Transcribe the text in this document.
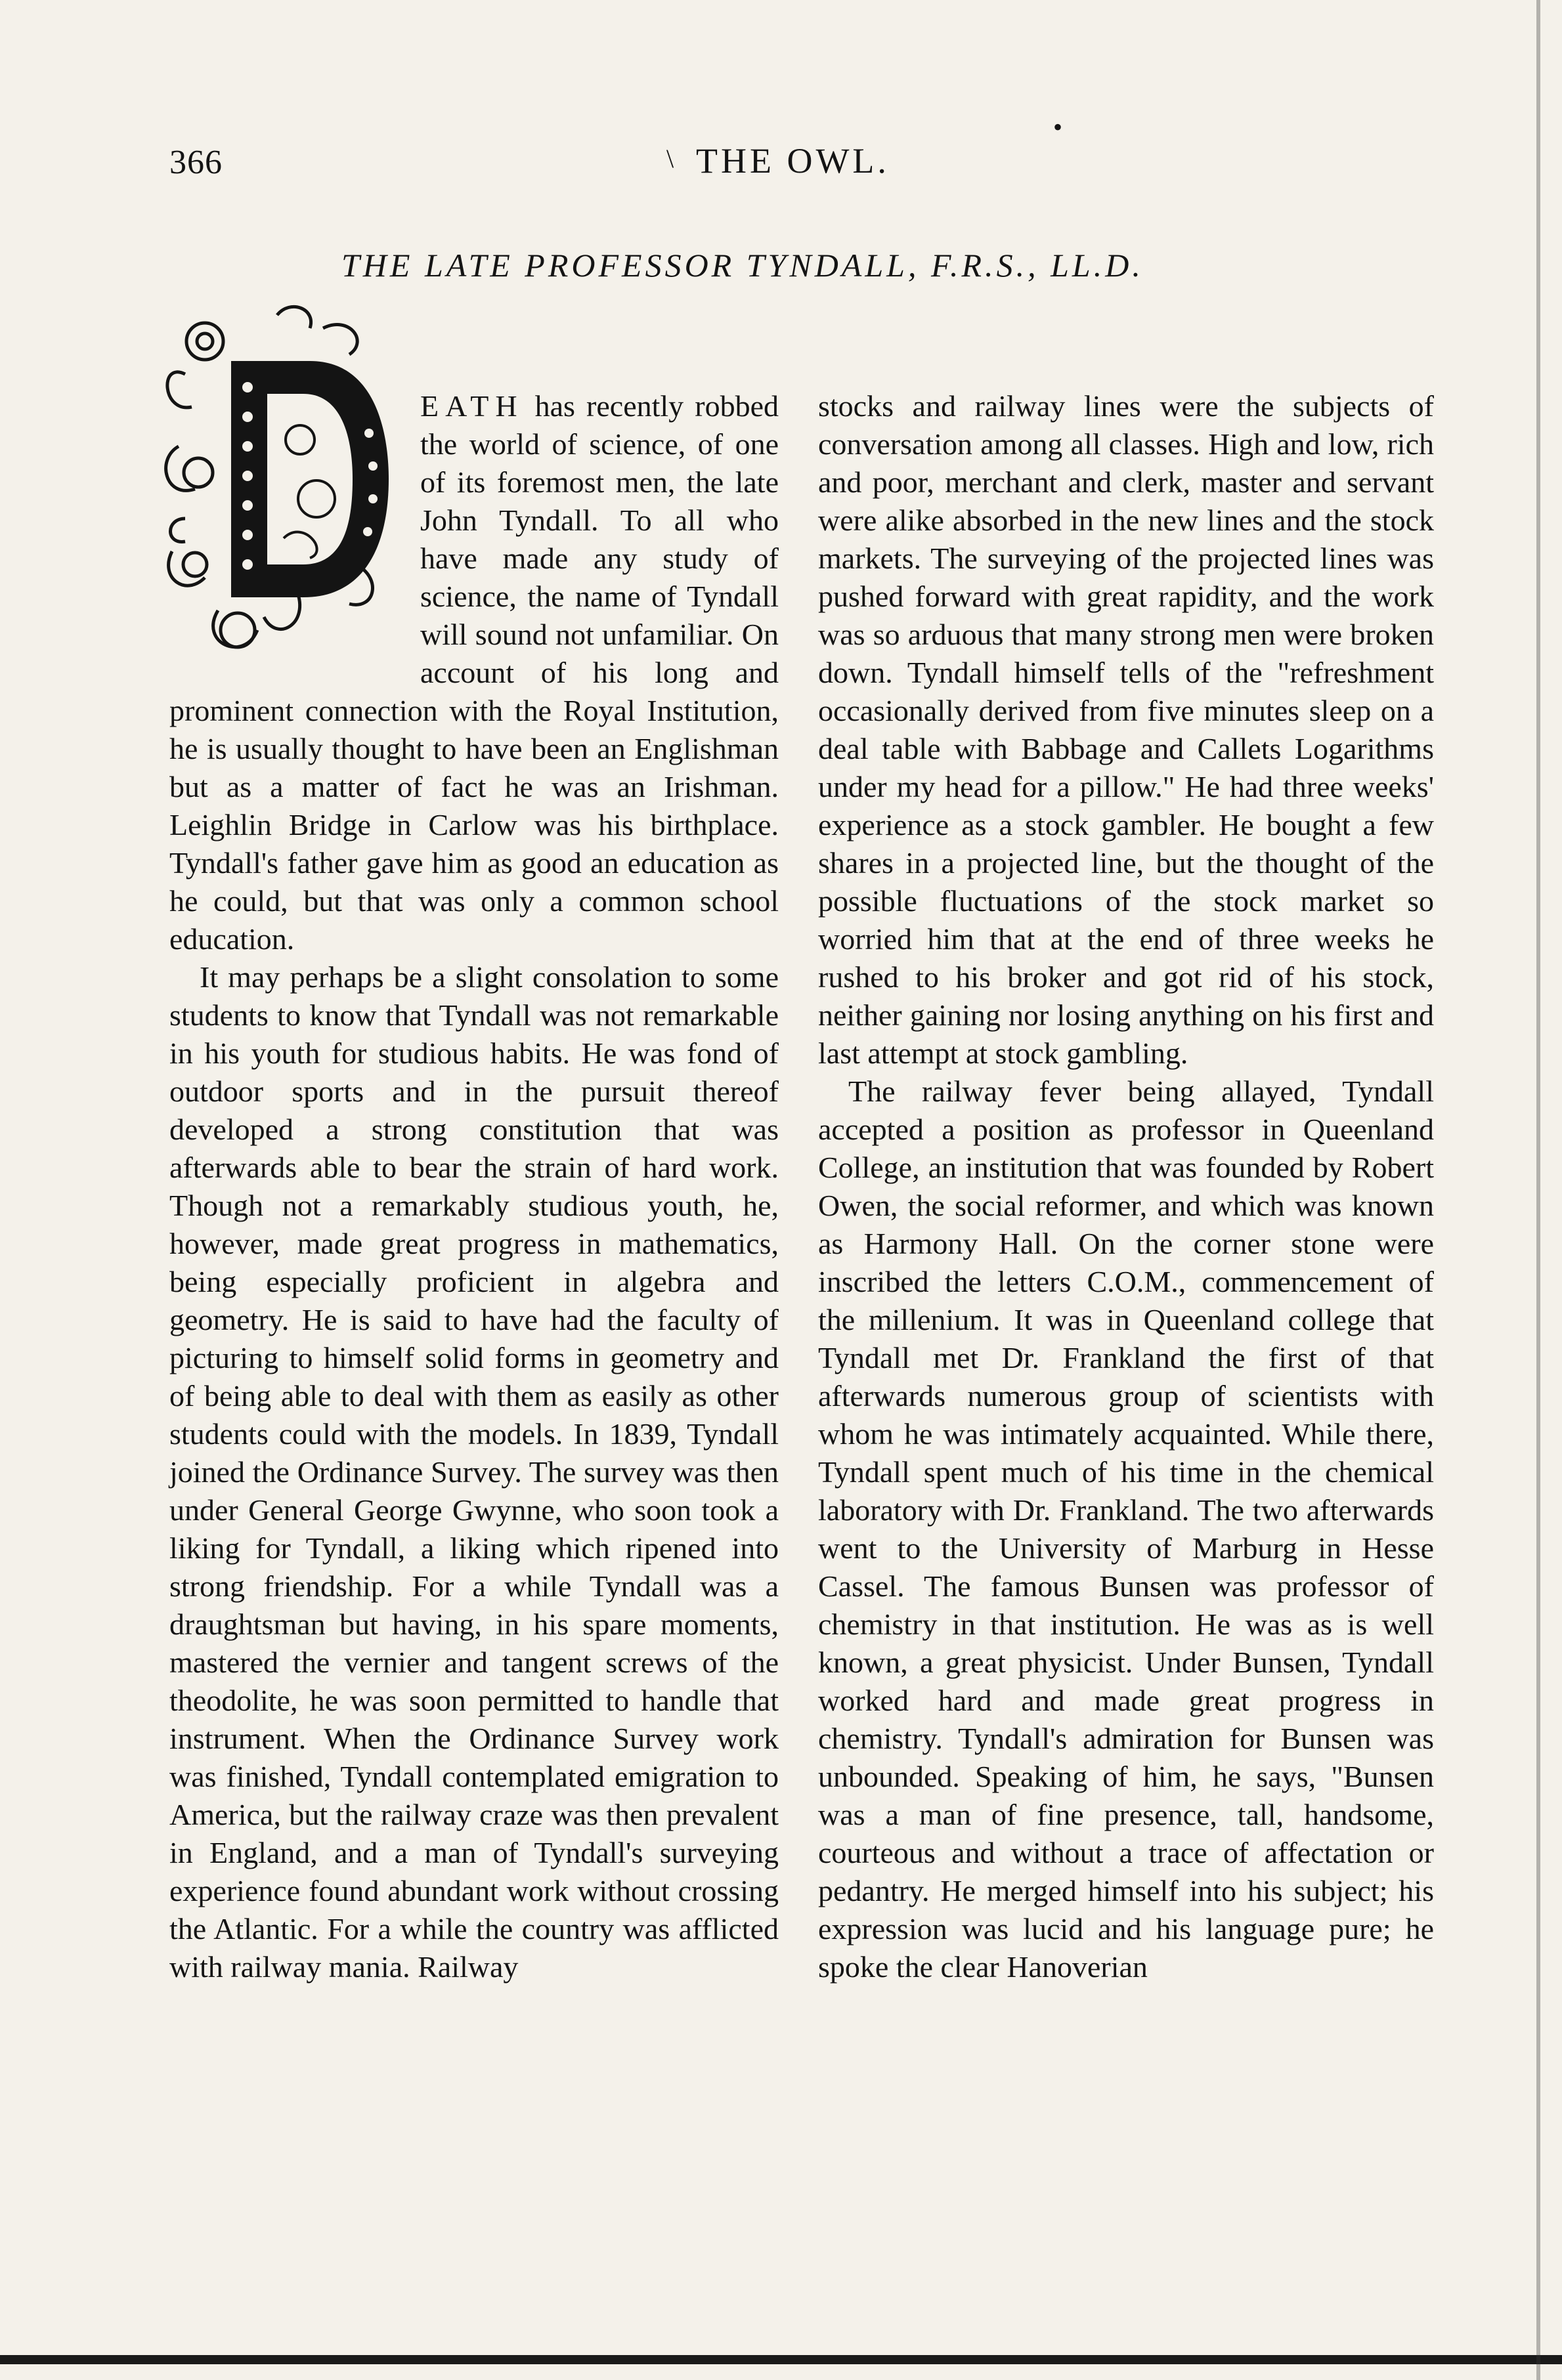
366	\ THE OWL.
•
THE LATE PROFESSOR TYNDALL, F.R.S., LL.D.

EATH has recently robbed the world of science, of one of its foremost men, the late John Tyndall. To all who have made any study of science, the name of Tyndall will sound not unfamiliar. On account of his long and prominent connection with the Royal Institution, he is usually thought to have been an Englishman but as a matter of fact he was an Irishman. Leighlin Bridge in Carlow was his birthplace. Tyndall's father gave him as good an education as he could, but that was only a common school education.

It may perhaps be a slight consolation to some students to know that Tyndall was not remarkable in his youth for studious habits. He was fond of outdoor sports and in the pursuit thereof developed a strong constitution that was afterwards able to bear the strain of hard work. Though not a remarkably studious youth, he, however, made great progress in mathematics, being especially proficient in algebra and geometry. He is said to have had the faculty of picturing to himself solid forms in geometry and of being able to deal with them as easily as other students could with the models. In 1839, Tyndall joined the Ordinance Survey. The survey was then under General George Gwynne, who soon took a liking for Tyndall, a liking which ripened into strong friendship. For a while Tyndall was a draughtsman but having, in his spare moments, mastered the vernier and tangent screws of the theodolite, he was soon permitted to handle that instrument. When the Ordinance Survey work was finished, Tyndall contemplated emigration to America, but the railway craze was then prevalent in England, and a man of Tyndall's surveying experience found abundant work without crossing the Atlantic. For a while the country was afflicted with railway mania. Railway

stocks and railway lines were the subjects of conversation among all classes. High and low, rich and poor, merchant and clerk, master and servant were alike absorbed in the new lines and the stock markets. The surveying of the projected lines was pushed forward with great rapidity, and the work was so arduous that many strong men were broken down. Tyndall himself tells of the "refreshment occasionally derived from five minutes sleep on a deal table with Babbage and Callets Logarithms under my head for a pillow." He had three weeks' experience as a stock gambler. He bought a few shares in a projected line, but the thought of the possible fluctuations of the stock market so worried him that at the end of three weeks he rushed to his broker and got rid of his stock, neither gaining nor losing anything on his first and last attempt at stock gambling.

The railway fever being allayed, Tyndall accepted a position as professor in Queenland College, an institution that was founded by Robert Owen, the social reformer, and which was known as Harmony Hall. On the corner stone were inscribed the letters C.O.M., commencement of the millenium. It was in Queenland college that Tyndall met Dr. Frankland the first of that afterwards numerous group of scientists with whom he was intimately acquainted. While there, Tyndall spent much of his time in the chemical laboratory with Dr. Frankland. The two afterwards went to the University of Marburg in Hesse Cassel. The famous Bunsen was professor of chemistry in that institution. He was as is well known, a great physicist. Under Bunsen, Tyndall worked hard and made great progress in chemistry. Tyndall's admiration for Bunsen was unbounded. Speaking of him, he says, "Bunsen was a man of fine presence, tall, handsome, courteous and without a trace of affectation or pedantry. He merged himself into his subject; his expression was lucid and his language pure; he spoke the clear Hanoverian
